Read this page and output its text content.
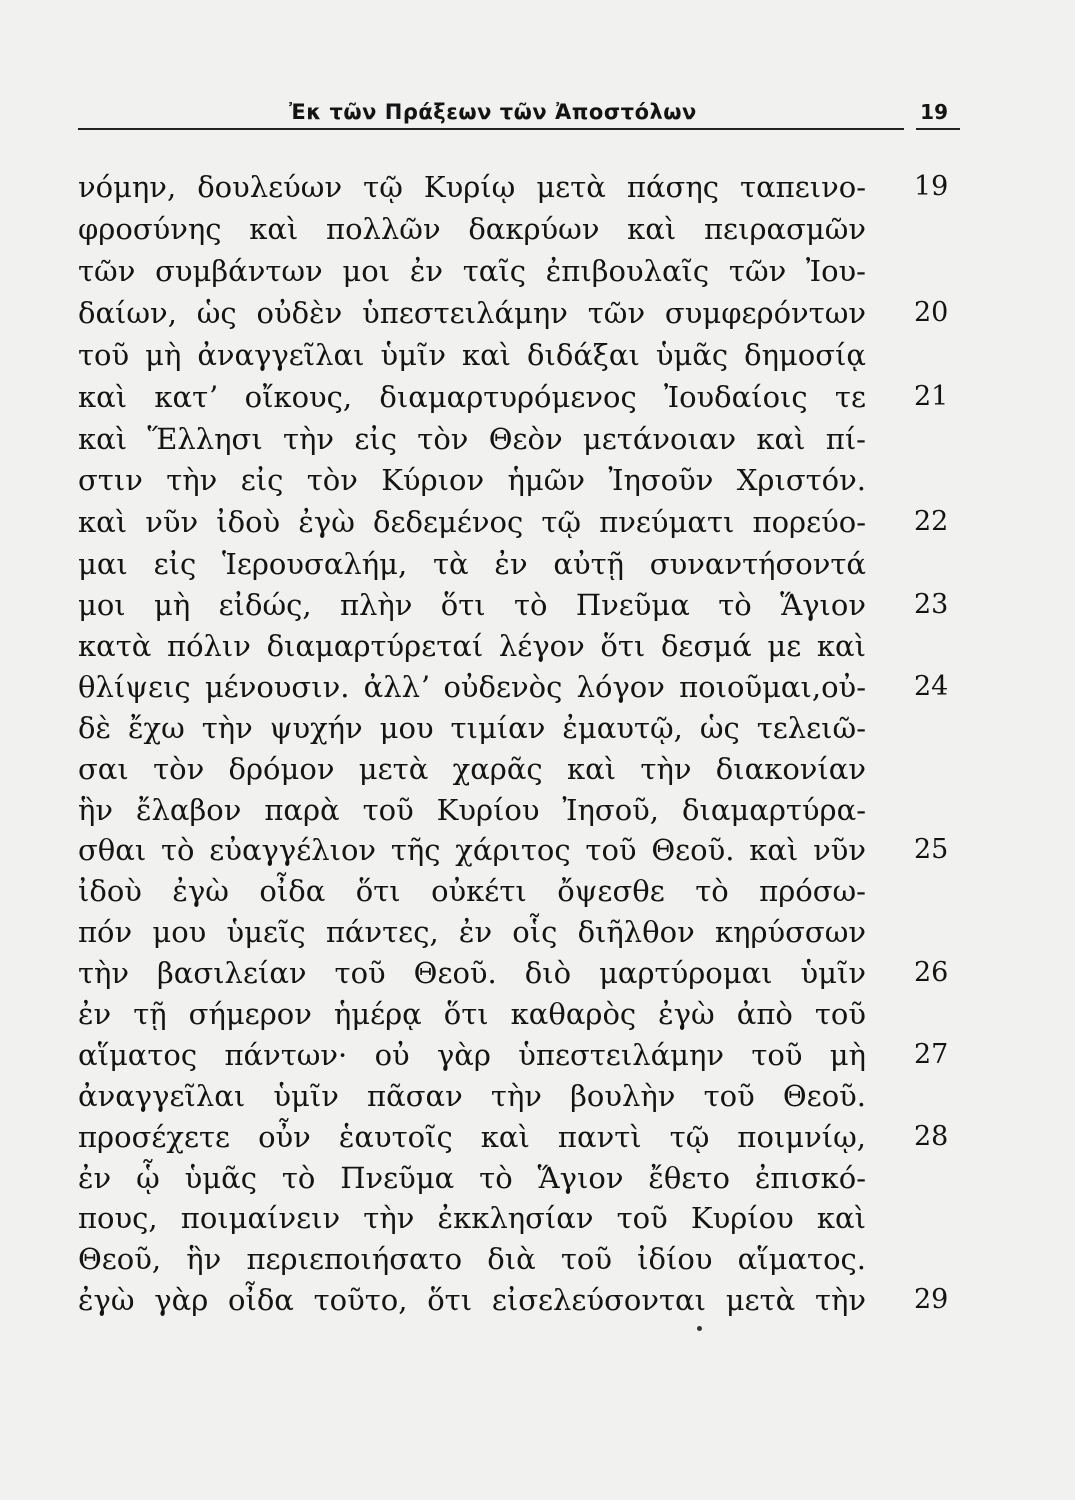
Ἐκ τῶν Πράξεων τῶν Ἀποστόλων	19
νόμην, δουλεύων τῷ Κυρίῳ μετὰ πάσης ταπεινο-
φροσύνης καὶ πολλῶν δακρύων καὶ πειρασμῶν
τῶν συμβάντων μοι ἐν ταῖς ἐπιβουλαῖς τῶν Ἰου-
δαίων, ὡς οὐδὲν ὑπεστειλάμην τῶν συμφερόντων
τοῦ μὴ ἀναγγεῖλαι ὑμῖν καὶ διδάξαι ὑμᾶς δημοσίᾳ
καὶ κατʼ οἴκους, διαμαρτυρόμενος Ἰουδαίοις τε
καὶ Ἕλλησι τὴν εἰς τὸν Θεὸν μετάνοιαν καὶ πί-
στιν τὴν εἰς τὸν Κύριον ἡμῶν Ἰησοῦν Χριστόν.
καὶ νῦν ἰδοὺ ἐγὼ δεδεμένος τῷ πνεύματι πορεύο-
μαι εἰς Ἱερουσαλήμ, τὰ ἐν αὐτῇ συναντήσοντά
μοι μὴ εἰδώς, πλὴν ὅτι τὸ Πνεῦμα τὸ Ἅγιον
κατὰ πόλιν διαμαρτύρεταί λέγον ὅτι δεσμά με καὶ
θλίψεις μένουσιν. ἀλλʼ οὐδενὸς λόγον ποιοῦμαι,οὐ-
δὲ ἔχω τὴν ψυχήν μου τιμίαν ἐμαυτῷ, ὡς τελειῶ-
σαι τὸν δρόμον μετὰ χαρᾶς καὶ τὴν διακονίαν
ἣν ἔλαβον παρὰ τοῦ Κυρίου Ἰησοῦ, διαμαρτύρα-
σθαι τὸ εὐαγγέλιον τῆς χάριτος τοῦ Θεοῦ. καὶ νῦν
ἰδοὺ ἐγὼ οἶδα ὅτι οὐκέτι ὄψεσθε τὸ πρόσω-
πόν μου ὑμεῖς πάντες, ἐν οἷς διῆλθον κηρύσσων
τὴν βασιλείαν τοῦ Θεοῦ. διὸ μαρτύρομαι ὑμῖν
ἐν τῇ σήμερον ἡμέρᾳ ὅτι καθαρὸς ἐγὼ ἀπὸ τοῦ
αἵματος πάντων· οὐ γὰρ ὑπεστειλάμην τοῦ μὴ
ἀναγγεῖλαι ὑμῖν πᾶσαν τὴν βουλὴν τοῦ Θεοῦ.
προσέχετε οὖν ἑαυτοῖς καὶ παντὶ τῷ ποιμνίῳ,
ἐν ᾧ ὑμᾶς τὸ Πνεῦμα τὸ Ἅγιον ἔθετο ἐπισκό-
πους, ποιμαίνειν τὴν ἐκκλησίαν τοῦ Κυρίου καὶ
Θεοῦ, ἣν περιεποιήσατο διὰ τοῦ ἰδίου αἵματος.
ἐγὼ γὰρ οἶδα τοῦτο, ὅτι εἰσελεύσονται μετὰ τὴν
19
20
21
22
23
24
25
26
27
28
29
